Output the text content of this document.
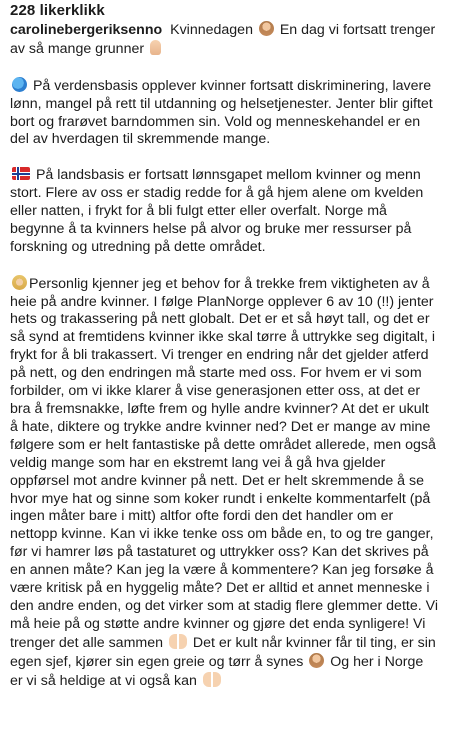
228 likerklikk
carolinebergeriksenno Kvinnedagen  En dag vi fortsatt trenger av så mange grunner
På verdensbasis opplever kvinner fortsatt diskriminering, lavere lønn, mangel på rett til utdanning og helsetjenester. Jenter blir giftet bort og frarøvet barndommen sin. Vold og menneskehandel er en del av hverdagen til skremmende mange.
På landsbasis er fortsatt lønnsgapet mellom kvinner og menn stort. Flere av oss er stadig redde for å gå hjem alene om kvelden eller natten, i frykt for å bli fulgt etter eller overfalt. Norge må begynne å ta kvinners helse på alvor og bruke mer ressurser på forskning og utredning på dette området.
Personlig kjenner jeg et behov for å trekke frem viktigheten av å heie på andre kvinner. I følge PlanNorge opplever 6 av 10 (!!) jenter hets og trakassering på nett globalt. Det er et så høyt tall, og det er så synd at fremtidens kvinner ikke skal tørre å uttrykke seg digitalt, i frykt for å bli trakassert. Vi trenger en endring når det gjelder atferd på nett, og den endringen må starte med oss. For hvem er vi som forbilder, om vi ikke klarer å vise generasjonen etter oss, at det er bra å fremsnakke, løfte frem og hylle andre kvinner? At det er ukult å hate, diktere og trykke andre kvinner ned? Det er mange av mine følgere som er helt fantastiske på dette området allerede, men også veldig mange som har en ekstremt lang vei å gå hva gjelder oppførsel mot andre kvinner på nett. Det er helt skremmende å se hvor mye hat og sinne som koker rundt i enkelte kommentarfelt (på ingen måter bare i mitt) altfor ofte fordi den det handler om er nettopp kvinne. Kan vi ikke tenke oss om både en, to og tre ganger, før vi hamrer løs på tastaturet og uttrykker oss? Kan det skrives på en annen måte? Kan jeg la være å kommentere? Kan jeg forsøke å være kritisk på en hyggelig måte? Det er alltid et annet menneske i den andre enden, og det virker som at stadig flere glemmer dette. Vi må heie på og støtte andre kvinner og gjøre det enda synligere! Vi trenger det alle sammen  Det er kult når kvinner får til ting, er sin egen sjef, kjører sin egen greie og tørr å synes  Og her i Norge er vi så heldige at vi også kan
